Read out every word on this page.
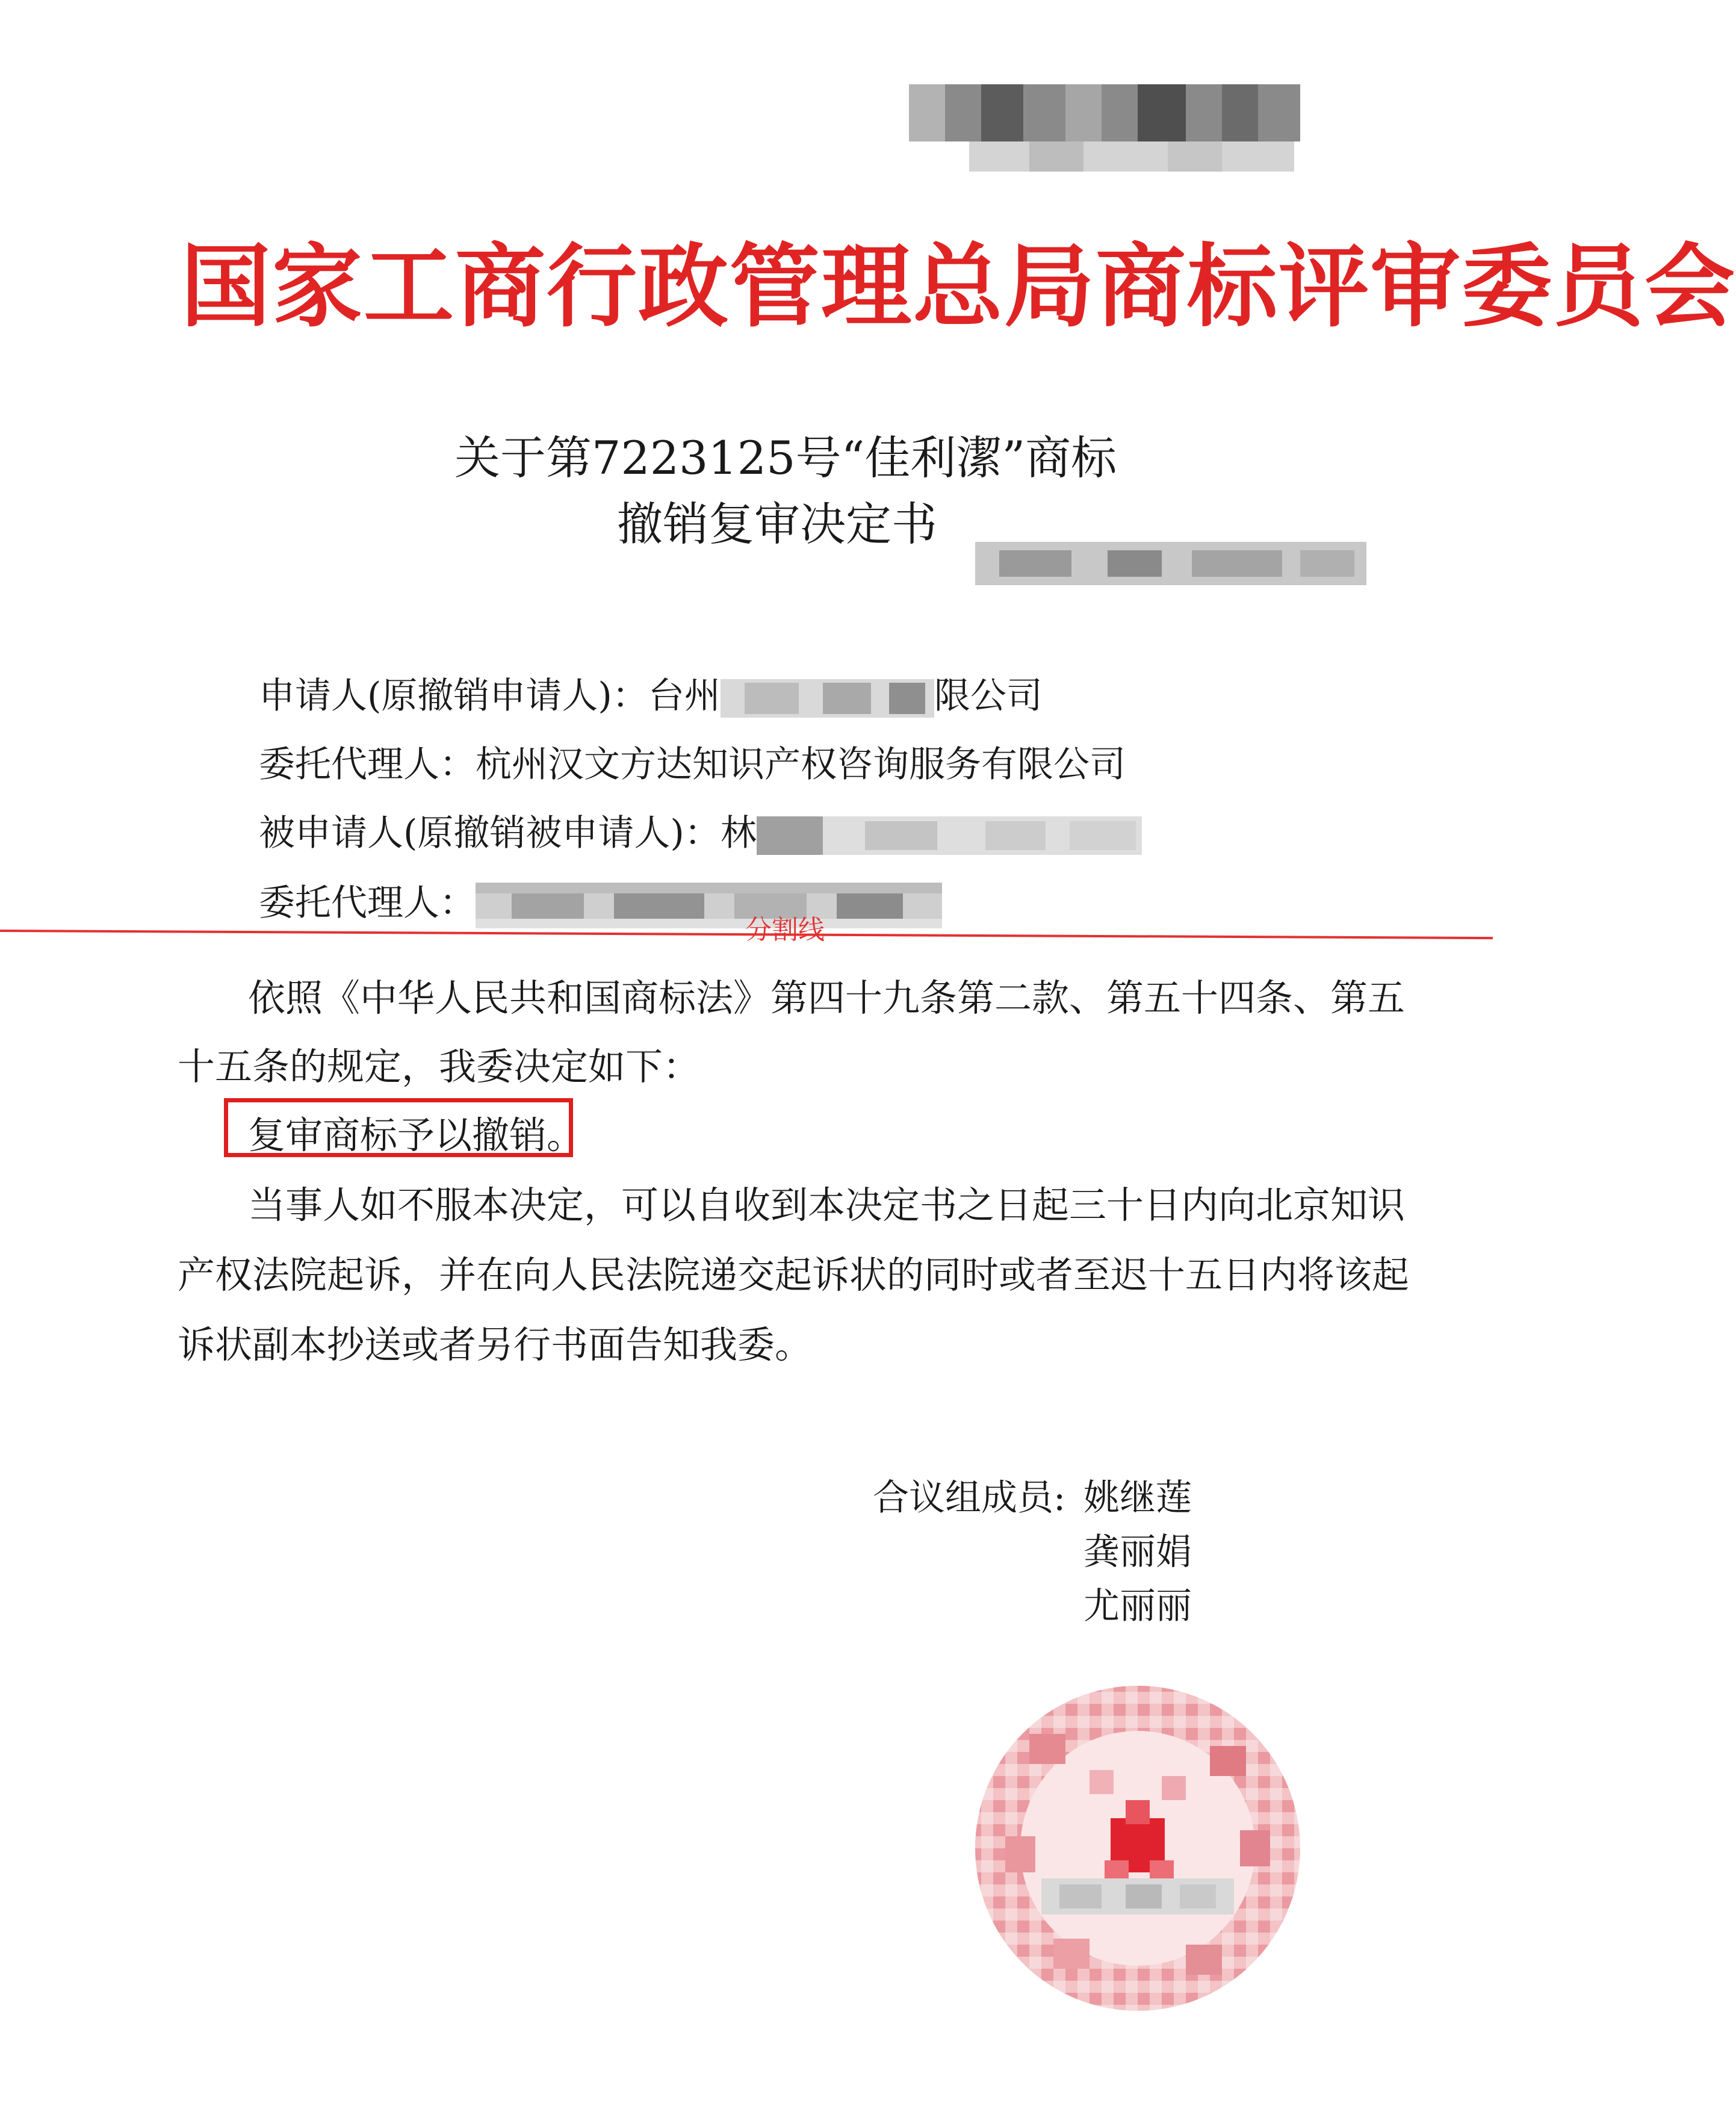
国家工商行政管理总局商标评审委员会
关于第7223125号“佳利潔”商标
撤销复审决定书
申请人(原撤销申请人)：台州	限公司
委托代理人：杭州汉文方达知识产权咨询服务有限公司
被申请人(原撤销被申请人)：林
委托代理人：
分割线
依照《中华人民共和国商标法》第四十九条第二款、第五十四条、第五
十五条的规定，我委决定如下：
复审商标予以撤销。
当事人如不服本决定，可以自收到本决定书之日起三十日内向北京知识
产权法院起诉，并在向人民法院递交起诉状的同时或者至迟十五日内将该起
诉状副本抄送或者另行书面告知我委。
合议组成员: 姚继莲
龚丽娟
尤丽丽
